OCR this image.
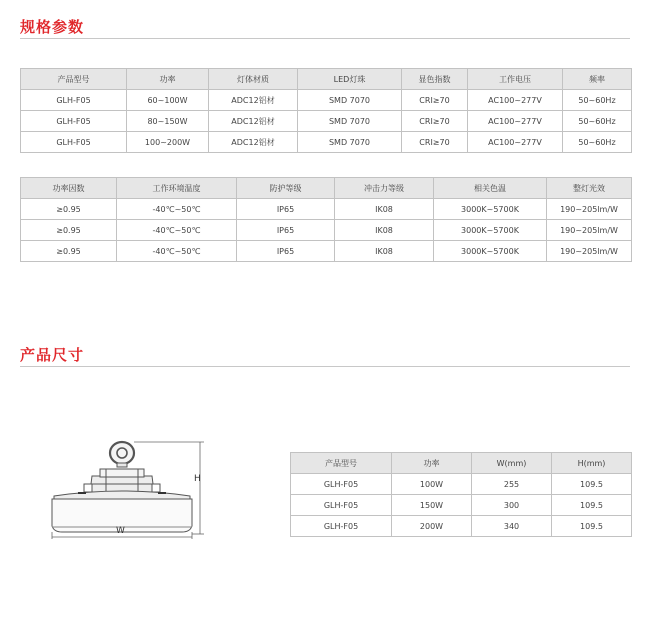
规格参数
产品型号	功率	灯体材质	LED灯珠	显色指数	工作电压	频率
GLH-F05	60~100W	ADC12铝材	SMD 7070	CRI≥70	AC100~277V	50~60Hz
GLH-F05	80~150W	ADC12铝材	SMD 7070	CRI≥70	AC100~277V	50~60Hz
GLH-F05	100~200W	ADC12铝材	SMD 7070	CRI≥70	AC100~277V	50~60Hz
功率因数	工作环境温度	防护等级	冲击力等级	相关色温	整灯光效
≥0.95	-40℃~50℃	IP65	IK08	3000K~5700K	190~205lm/W
≥0.95	-40℃~50℃	IP65	IK08	3000K~5700K	190~205lm/W
≥0.95	-40℃~50℃	IP65	IK08	3000K~5700K	190~205lm/W
产品尺寸
H
W
产品型号	功率	W(mm)	H(mm)
GLH-F05	100W	255	109.5
GLH-F05	150W	300	109.5
GLH-F05	200W	340	109.5
